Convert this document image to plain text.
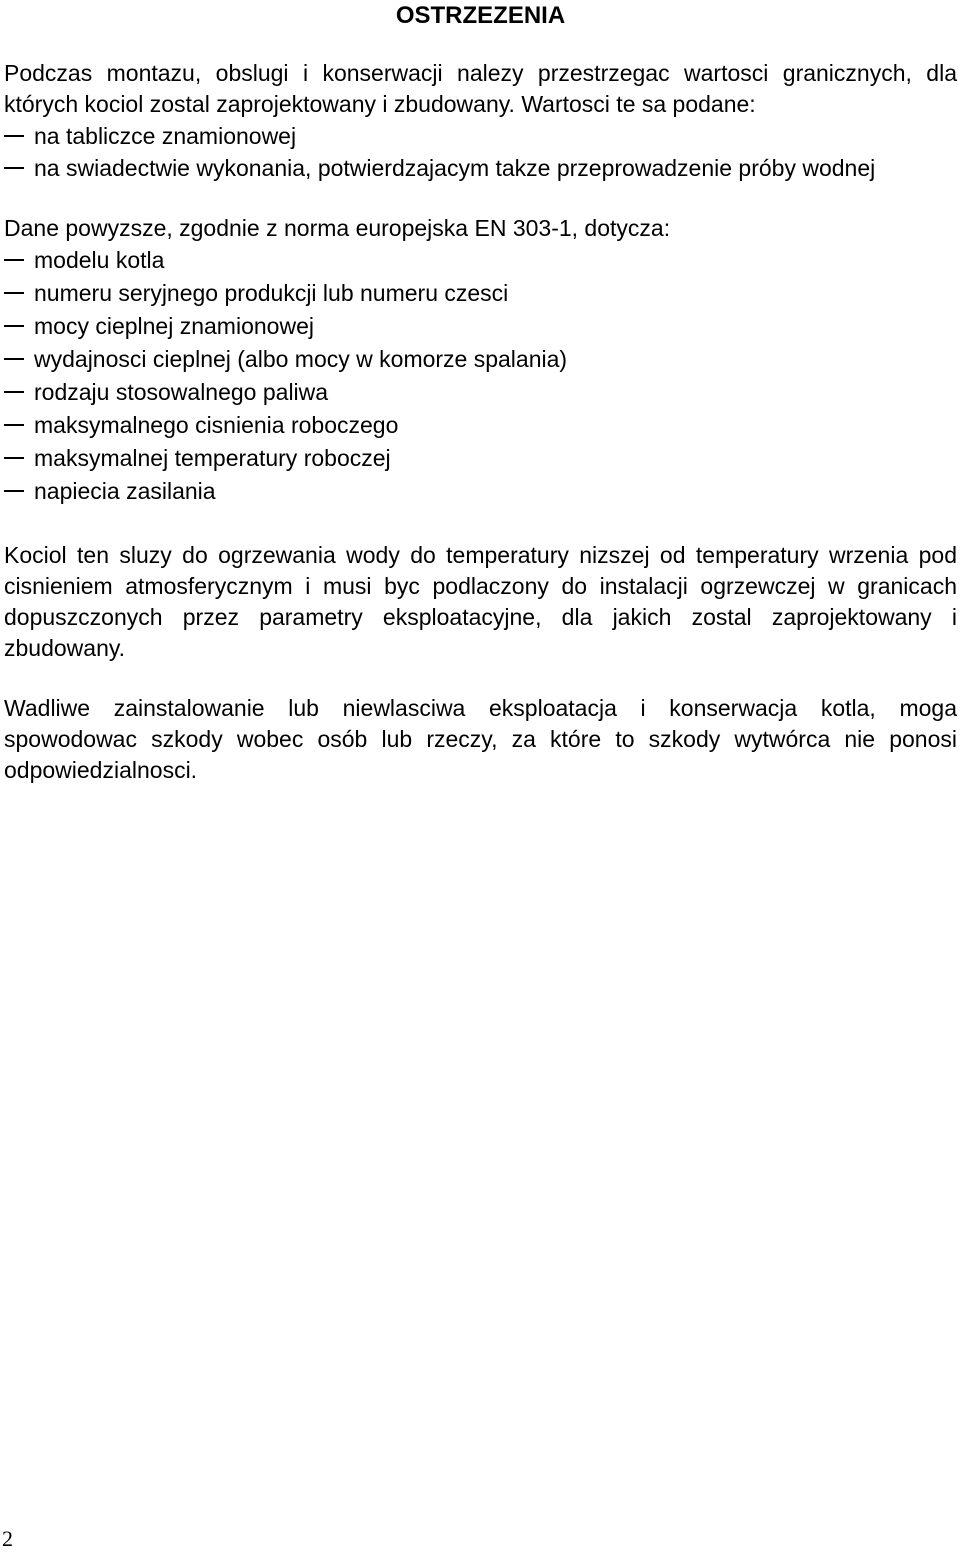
OSTRZEZENIA

Podczas montazu, obslugi i konserwacji nalezy przestrzegac wartosci granicznych, dla których kociol zostal zaprojektowany i zbudowany. Wartosci te sa podane:

na tabliczce znamionowej
na swiadectwie wykonania, potwierdzajacym takze przeprowadzenie próby wodnej

Dane powyzsze, zgodnie z norma europejska EN 303-1, dotycza:

modelu kotla
numeru seryjnego produkcji lub numeru czesci
mocy cieplnej znamionowej
wydajnosci cieplnej (albo mocy w komorze spalania)
rodzaju stosowalnego paliwa
maksymalnego cisnienia roboczego
maksymalnej temperatury roboczej
napiecia zasilania

Kociol ten sluzy do ogrzewania wody do temperatury nizszej od temperatury wrzenia pod cisnieniem atmosferycznym i musi byc podlaczony do instalacji ogrzewczej w granicach dopuszczonych przez parametry eksploatacyjne, dla jakich zostal zaprojektowany i zbudowany.

Wadliwe zainstalowanie lub niewlasciwa eksploatacja i konserwacja kotla, moga spowodowac szkody wobec osób lub rzeczy, za które to szkody wytwórca nie ponosi odpowiedzialnosci.

2
